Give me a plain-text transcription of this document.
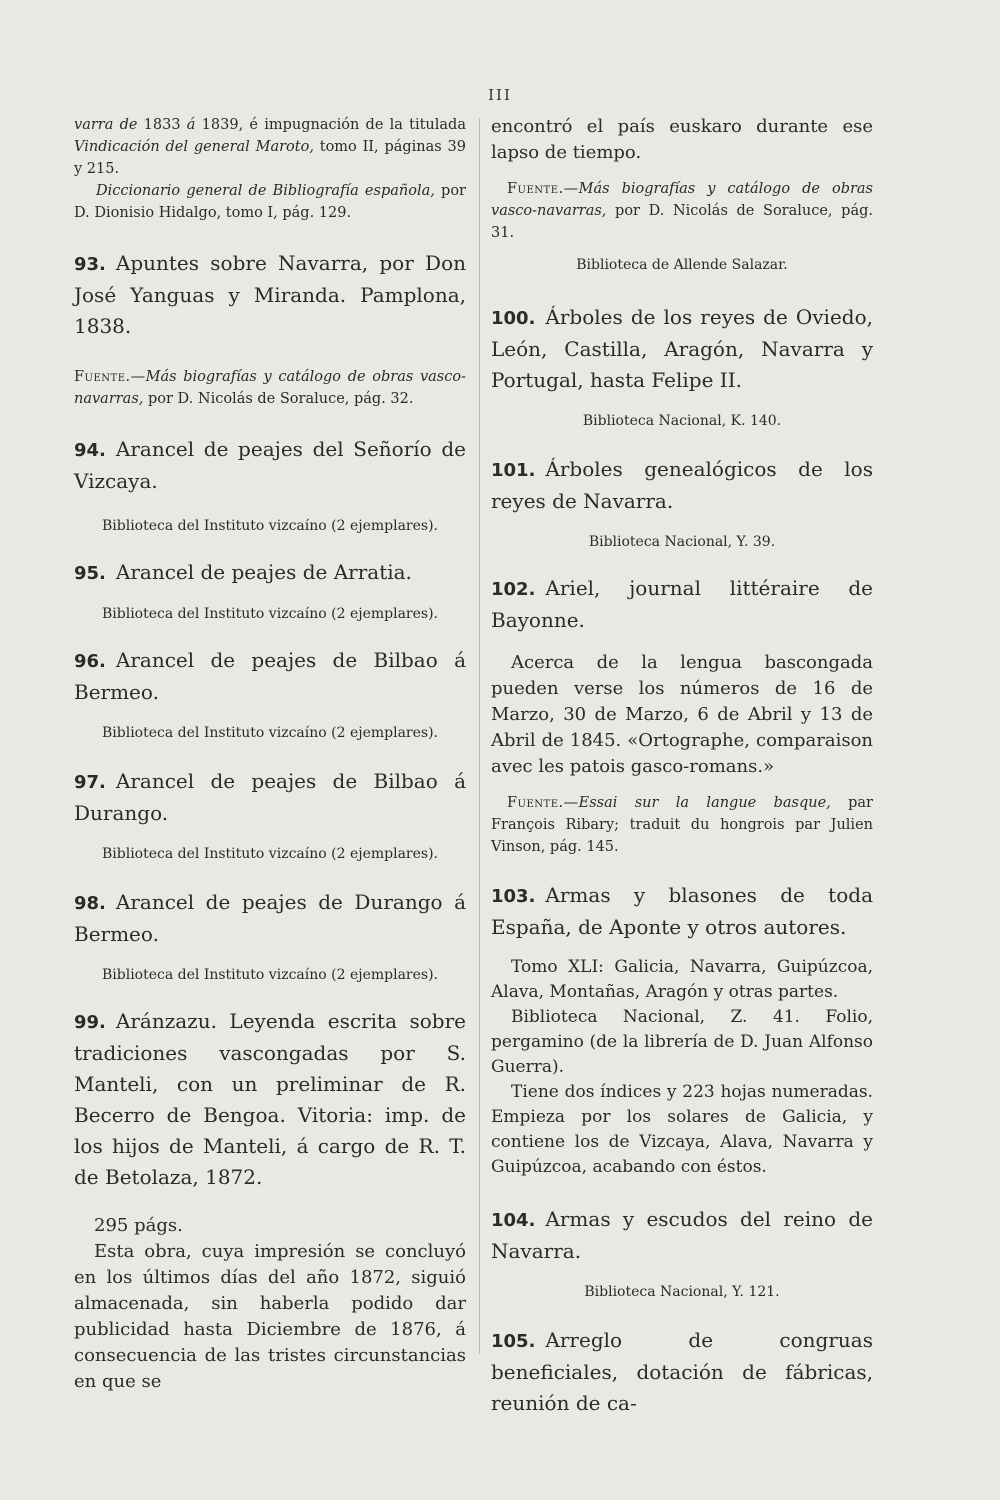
III

varra de 1833 á 1839, é impugnación de la titulada Vindicación del general Maroto, tomo II, páginas 39 y 215.

Diccionario general de Bibliografía española, por D. Dionisio Hidalgo, tomo I, pág. 129.

93. Apuntes sobre Navarra, por Don José Yanguas y Miranda. Pamplona, 1838.

Fuente.—Más biografías y catálogo de obras vasco-navarras, por D. Nicolás de Soraluce, pág. 32.

94. Arancel de peajes del Señorío de Vizcaya.

Biblioteca del Instituto vizcaíno (2 ejemplares).

95. Arancel de peajes de Arratia.

Biblioteca del Instituto vizcaíno (2 ejemplares).

96. Arancel de peajes de Bilbao á Bermeo.

Biblioteca del Instituto vizcaíno (2 ejemplares).

97. Arancel de peajes de Bilbao á Durango.

Biblioteca del Instituto vizcaíno (2 ejemplares).

98. Arancel de peajes de Durango á Bermeo.

Biblioteca del Instituto vizcaíno (2 ejemplares).

99. Aránzazu. Leyenda escrita sobre tradiciones vascongadas por S. Manteli, con un preliminar de R. Becerro de Bengoa. Vitoria: imp. de los hijos de Manteli, á cargo de R. T. de Betolaza, 1872.

295 págs.

Esta obra, cuya impresión se concluyó en los últimos días del año 1872, siguió almacenada, sin haberla podido dar publicidad hasta Diciembre de 1876, á consecuencia de las tristes circunstancias en que se

encontró el país euskaro durante ese lapso de tiempo.

Fuente.—Más biografías y catálogo de obras vasco-navarras, por D. Nicolás de Soraluce, pág. 31.

Biblioteca de Allende Salazar.

100. Árboles de los reyes de Oviedo, León, Castilla, Aragón, Navarra y Portugal, hasta Felipe II.

Biblioteca Nacional, K. 140.

101. Árboles genealógicos de los reyes de Navarra.

Biblioteca Nacional, Y. 39.

102. Ariel, journal littéraire de Bayonne.

Acerca de la lengua bascongada pueden verse los números de 16 de Marzo, 30 de Marzo, 6 de Abril y 13 de Abril de 1845. «Ortographe, comparaison avec les patois gasco-romans.»

Fuente.—Essai sur la langue basque, par François Ribary; traduit du hongrois par Julien Vinson, pág. 145.

103. Armas y blasones de toda España, de Aponte y otros autores.

Tomo XLI: Galicia, Navarra, Guipúzcoa, Alava, Montañas, Aragón y otras partes.

Biblioteca Nacional, Z. 41. Folio, pergamino (de la librería de D. Juan Alfonso Guerra).

Tiene dos índices y 223 hojas numeradas. Empieza por los solares de Galicia, y contiene los de Vizcaya, Alava, Navarra y Guipúzcoa, acabando con éstos.

104. Armas y escudos del reino de Navarra.

Biblioteca Nacional, Y. 121.

105. Arreglo de congruas beneficiales, dotación de fábricas, reunión de ca-
